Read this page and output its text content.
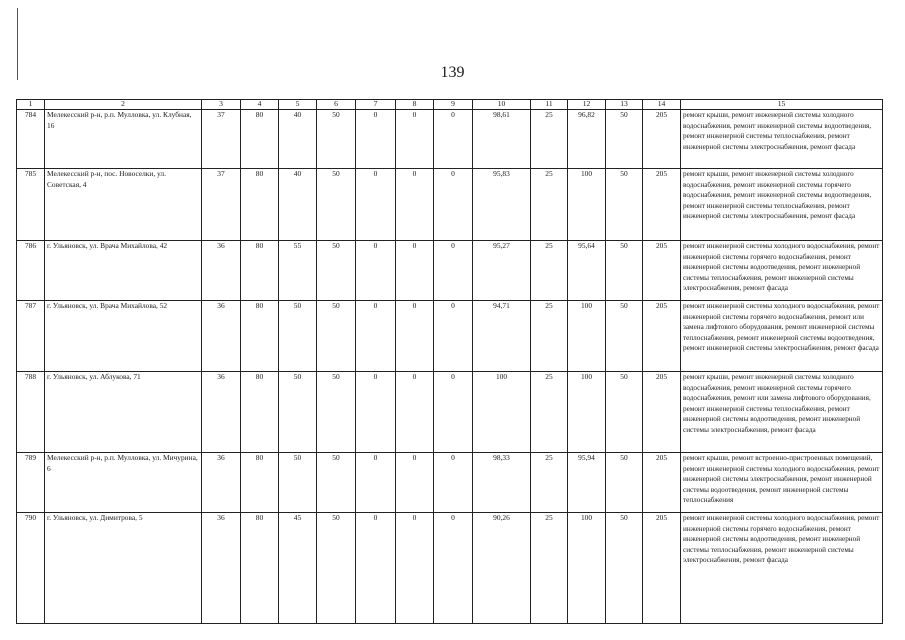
139
1	2	3	4	5	6	7	8	9	10	11	12	13	14	15
784	Мелекесский р-н, р.п. Мулловка, ул. Клубная, 16	37	80	40	50	0	0	0	98,61	25	96,82	50	205	ремонт крыши, ремонт инженерной системы холодного водоснабжения, ремонт инженерной системы водоотведения, ремонт инженерной системы теплоснабжения, ремонт инженерной системы электроснабжения, ремонт фасада
785	Мелекесский р-н, пос. Новоселки, ул. Советская, 4	37	80	40	50	0	0	0	95,83	25	100	50	205	ремонт крыши, ремонт инженерной системы холодного водоснабжения, ремонт инженерной системы горячего водоснабжения, ремонт инженерной системы водоотведения, ремонт инженерной системы теплоснабжения, ремонт инженерной системы электроснабжения, ремонт фасада
786	г. Ульяновск, ул. Врача Михайлова, 42	36	80	55	50	0	0	0	95,27	25	95,64	50	205	ремонт инженерной системы холодного водоснабжения, ремонт инженерной системы горячего водоснабжения, ремонт инженерной системы водоотведения, ремонт инженерной системы теплоснабжения, ремонт инженерной системы электроснабжения, ремонт фасада
787	г. Ульяновск, ул. Врача Михайлова, 52	36	80	50	50	0	0	0	94,71	25	100	50	205	ремонт инженерной системы холодного водоснабжения, ремонт инженерной системы горячего водоснабжения, ремонт или замена лифтового оборудования, ремонт инженерной системы теплоснабжения, ремонт инженерной системы водоотведения, ремонт инженерной системы электроснабжения, ремонт фасада
788	г. Ульяновск, ул. Аблукова, 71	36	80	50	50	0	0	0	100	25	100	50	205	ремонт крыши, ремонт инженерной системы холодного водоснабжения, ремонт инженерной системы горячего водоснабжения, ремонт или замена лифтового оборудования, ремонт инженерной системы теплоснабжения, ремонт инженерной системы водоотведения, ремонт инженерной системы электроснабжения, ремонт фасада
789	Мелекесский р-н, р.п. Мулловка, ул. Мичурина, 6	36	80	50	50	0	0	0	98,33	25	95,94	50	205	ремонт крыши, ремонт встроенно-пристроенных помещений, ремонт инженерной системы холодного водоснабжения, ремонт инженерной системы электроснабжения, ремонт инженерной системы водоотведения, ремонт инженерной системы теплоснабжения
790	г. Ульяновск, ул. Димитрова, 5	36	80	45	50	0	0	0	90,26	25	100	50	205	ремонт инженерной системы холодного водоснабжения, ремонт инженерной системы горячего водоснабжения, ремонт инженерной системы водоотведения, ремонт инженерной системы теплоснабжения, ремонт инженерной системы электроснабжения, ремонт фасада
